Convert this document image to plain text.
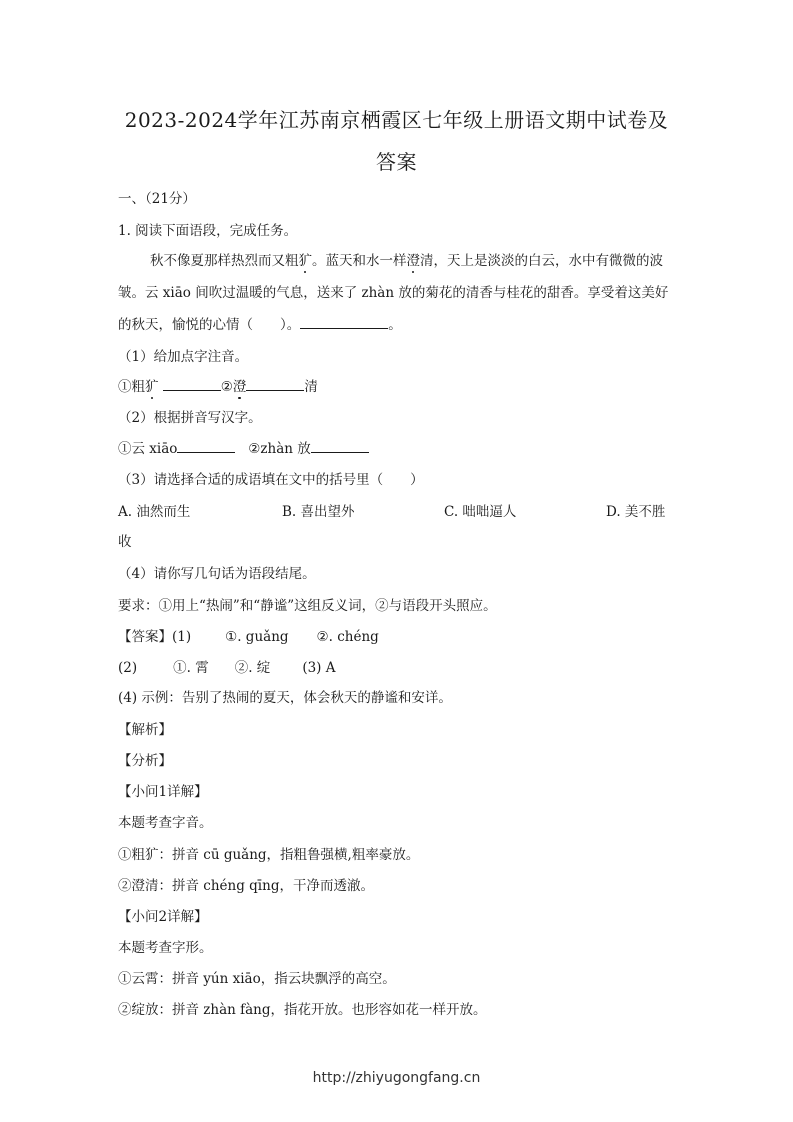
2023-2024学年江苏南京栖霞区七年级上册语文期中试卷及
答案
一、（21分）
1. 阅读下面语段，完成任务。
秋不像夏那样热烈而又粗犷。蓝天和水一样澄清，天上是淡淡的白云，水中有微微的波
皱。云 xiāo 间吹过温暖的气息，送来了 zhàn 放的菊花的清香与桂花的甜香。享受着这美好
的秋天，愉悦的心情（　　）。	。
（1）给加点字注音。
①粗犷	②澄	清
（2）根据拼音写汉字。
①云 xiāo	②zhàn 放
（3）请选择合适的成语填在文中的括号里（　　）
A. 油然而生	B. 喜出望外	C. 咄咄逼人	D. 美不胜
收
（4）请你写几句话为语段结尾。
要求：①用上“热闹”和“静谧”这组反义词，②与语段开头照应。
【答案】(1)	①. guǎng ②. chéng
(2)	①. 霄 ②. 绽 (3) A
(4) 示例：告别了热闹的夏天，体会秋天的静谧和安详。
【解析】
【分析】
【小问1详解】
本题考查字音。
①粗犷：拼音 cū guǎng，指粗鲁强横,粗率豪放。
②澄清：拼音 chéng qīng，干净而透澈。
【小问2详解】
本题考查字形。
①云霄：拼音 yún xiāo，指云块飘浮的高空。
②绽放：拼音 zhàn fàng，指花开放。也形容如花一样开放。
http://zhiyugongfang.cn
